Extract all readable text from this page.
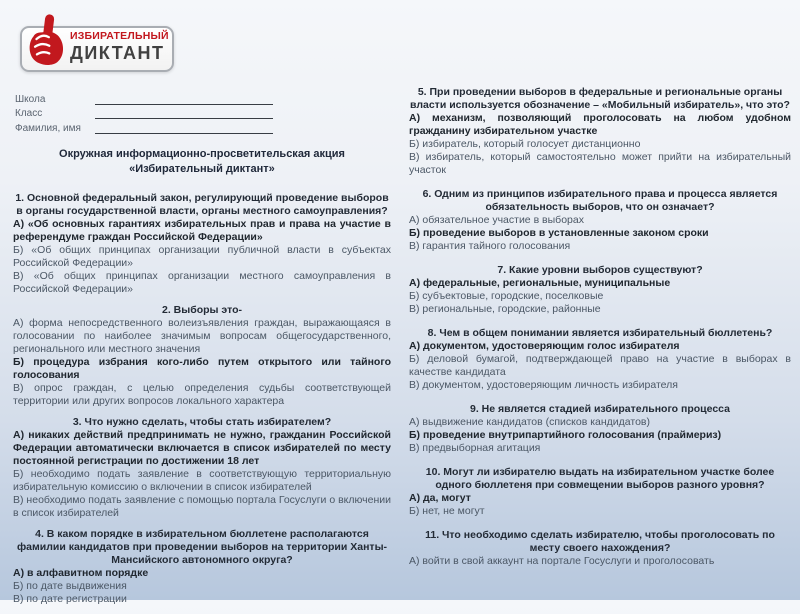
ИЗБИРАТЕЛЬНЫЙ
ДИКТАНТ
Школа
Класс
Фамилия, имя
Окружная информационно-просветительская акция «Избирательный диктант»
1. Основной федеральный закон, регулирующий проведение выборов в органы государственной власти, органы местного самоуправления?
А) «Об основных гарантиях избирательных прав и права на участие в референдуме граждан Российской Федерации»
Б) «Об общих принципах организации публичной власти в субъектах Российской Федерации»
В) «Об общих принципах организации местного самоуправления в Российской Федерации»
2. Выборы это-
А) форма непосредственного волеизъявления граждан, выражающаяся в голосовании по наиболее значимым вопросам общегосударственного, регионального или местного значения
Б) процедура избрания кого-либо путем открытого или тайного голосования
В) опрос граждан, с целью определения судьбы соответствующей территории или других вопросов локального характера
3. Что нужно сделать, чтобы стать избирателем?
А) никаких действий предпринимать не нужно, гражданин Российской Федерации автоматически включается в список избирателей по месту постоянной регистрации по достижении 18 лет
Б) необходимо подать заявление в соответствующую территориальную избирательную комиссию о включении в список избирателей
В) необходимо подать заявление с помощью портала Госуслуги о включении в список избирателей
4. В каком порядке в избирательном бюллетене располагаются фамилии кандидатов при проведении выборов на территории Ханты-Мансийского автономного округа?
А) в алфавитном порядке
Б) по дате выдвижения
В) по дате регистрации
5. При проведении выборов в федеральные и региональные органы власти используется обозначение – «Мобильный избиратель», что это?
А) механизм, позволяющий проголосовать на любом удобном гражданину избирательном участке
Б) избиратель, который голосует дистанционно
В) избиратель, который самостоятельно может прийти на избирательный участок
6. Одним из принципов избирательного права и процесса является обязательность выборов, что он означает?
А) обязательное участие в выборах
Б) проведение выборов в установленные законом сроки
В) гарантия тайного голосования
7. Какие уровни выборов существуют?
А) федеральные, региональные, муниципальные
Б) субъектовые, городские, поселковые
В) региональные, городские, районные
8. Чем в общем понимании является избирательный бюллетень?
А) документом, удостоверяющим голос избирателя
Б) деловой бумагой, подтверждающей право на участие в выборах в качестве кандидата
В) документом, удостоверяющим личность избирателя
9. Не является стадией избирательного процесса
А) выдвижение кандидатов (списков кандидатов)
Б) проведение внутрипартийного голосования (праймериз)
В) предвыборная агитация
10. Могут ли избирателю выдать на избирательном участке более одного бюллетеня при совмещении выборов разного уровня?
А) да, могут
Б) нет, не могут
11. Что необходимо сделать избирателю, чтобы проголосовать по месту своего нахождения?
А) войти в свой аккаунт на портале Госуслуги и проголосовать
